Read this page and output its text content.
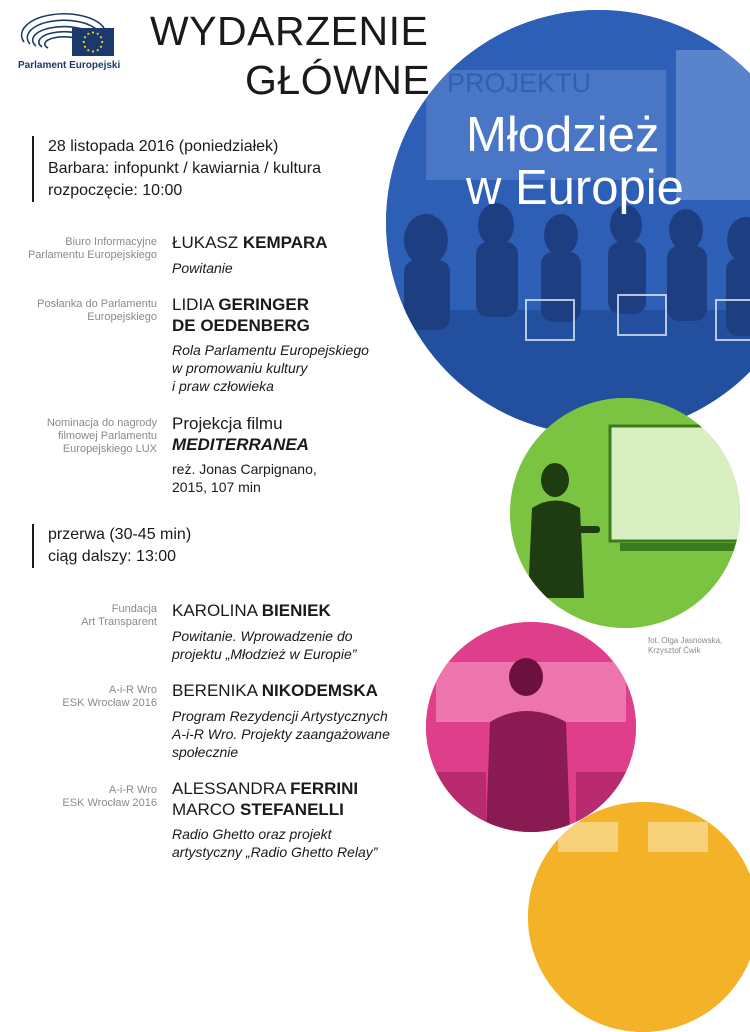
Parlament Europejski
WYDARZENIE
GŁÓWNE PROJEKTU
Młodzież
w Europie
28 listopada 2016 (poniedziałek)
Barbara: infopunkt / kawiarnia / kultura
rozpoczęcie: 10:00
Biuro Informacyjne
Parlamentu Europejskiego
ŁUKASZ KEMPARA
Powitanie
Posłanka do Parlamentu
Europejskiego
LIDIA GERINGER
DE OEDENBERG
Rola Parlamentu Europejskiego
w promowaniu kultury
i praw człowieka
Nominacja do nagrody
filmowej Parlamentu
Europejskiego LUX
Projekcja filmu
MEDITERRANEA
reż. Jonas Carpignano,
2015, 107 min
przerwa (30-45 min)
ciąg dalszy: 13:00
Fundacja
Art Transparent
KAROLINA BIENIEK
Powitanie. Wprowadzenie do
projektu „Młodzież w Europie”
A-i-R Wro
ESK Wrocław 2016
BERENIKA NIKODEMSKA
Program Rezydencji Artystycznych
A-i-R Wro. Projekty zaangażowane
społecznie
A-i-R Wro
ESK Wrocław 2016
ALESSANDRA FERRINI
MARCO STEFANELLI
Radio Ghetto oraz projekt
artystyczny „Radio Ghetto Relay”
fot. Olga Jasnowska,
Krzysztof Ćwik
